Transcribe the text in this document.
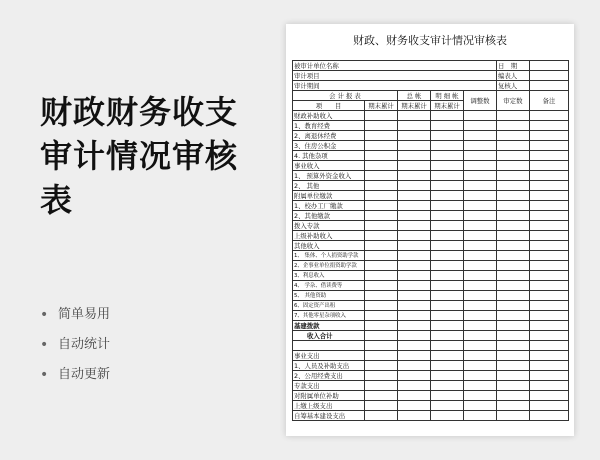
财政财务收支审计情况审核表
• 简单易用
• 自动统计
• 自动更新
财政、财务收支审计情况审核表
被审计单位名称					日　期	
审计项目					编表人	
审计期间					复核人	
会 计 报 表		总 帐	明 细 帐	调整数	审定数	备注
项　　目	期末累计	期末累计	期末累计			
财政补助收入						
1、教育经费						
2、离退休经费						
3、住房公积金						
4. 其他杂项						
事业收入						
1、 预算外资金收入						
2、 其他						
附属单位缴款						
1、校办工厂缴款						
2、其他缴款						
拨入专款						
上级补助收入						
其他收入						
1、 集体、个人捐资助学款						
2、企事业单位捐资助学款						
3、利息收入						
4、 学杂、借读费等						
5、 其他资助						
6、固定资产出租						
7、其他零星杂项收入						
基建拨款						
收入合计						

事业支出						
1、人员及补助支出						
2、公用经费支出						
专款支出						
对附属单位补助						
上缴上级支出						
自筹基本建设支出						
